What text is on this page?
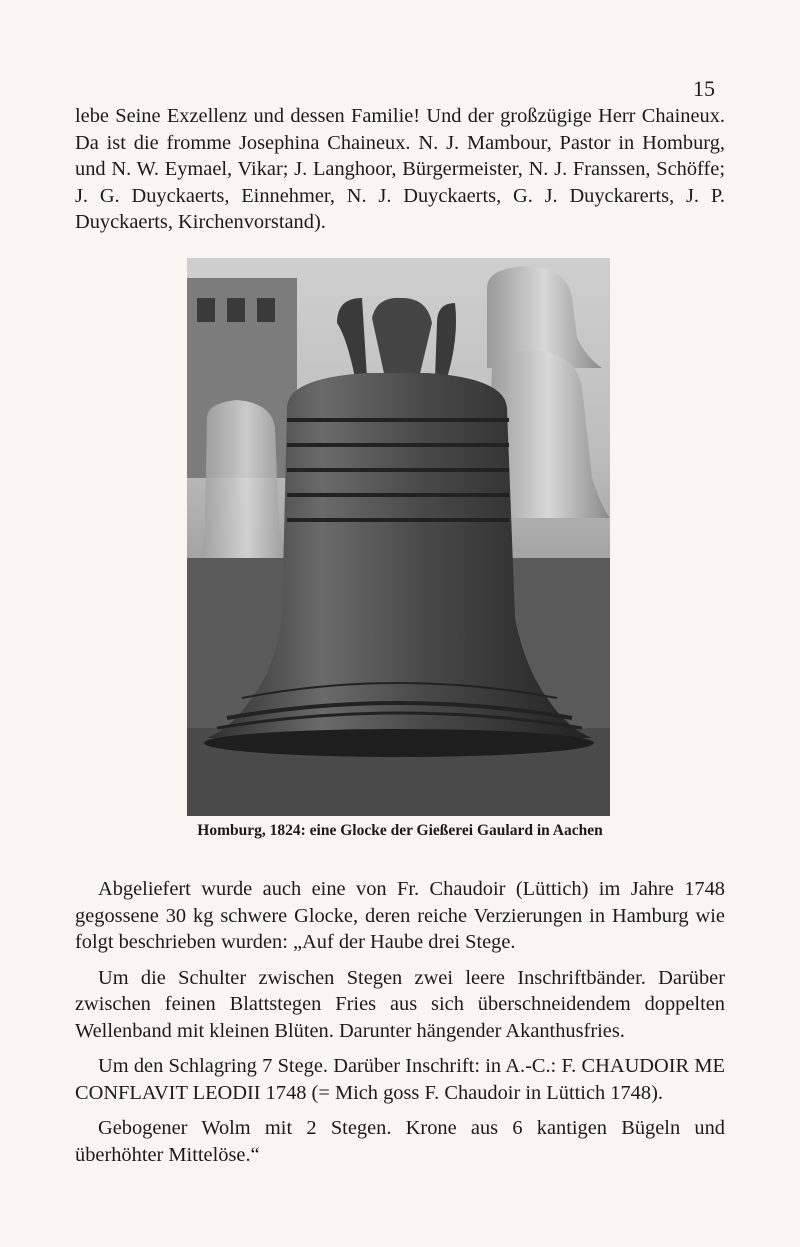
15

lebe Seine Exzellenz und dessen Familie! Und der großzügige Herr Chaineux. Da ist die fromme Josephina Chaineux. N. J. Mambour, Pastor in Homburg, und N. W. Eymael, Vikar; J. Langhoor, Bürgermeister, N. J. Franssen, Schöffe; J. G. Duyckaerts, Einnehmer, N. J. Duyckaerts, G. J. Duyckarerts, J. P. Duyckaerts, Kirchenvorstand).

Homburg, 1824: eine Glocke der Gießerei Gaulard in Aachen

Abgeliefert wurde auch eine von Fr. Chaudoir (Lüttich) im Jahre 1748 gegossene 30 kg schwere Glocke, deren reiche Verzierungen in Hamburg wie folgt beschrieben wurden: „Auf der Haube drei Stege.

Um die Schulter zwischen Stegen zwei leere Inschriftbänder. Darüber zwischen feinen Blattstegen Fries aus sich überschneidendem doppelten Wellenband mit kleinen Blüten. Darunter hängender Akanthusfries.

Um den Schlagring 7 Stege. Darüber Inschrift: in A.-C.: F. CHAUDOIR ME CONFLAVIT LEODII 1748 (= Mich goss F. Chaudoir in Lüttich 1748).

Gebogener Wolm mit 2 Stegen. Krone aus 6 kantigen Bügeln und überhöhter Mittelöse.“
